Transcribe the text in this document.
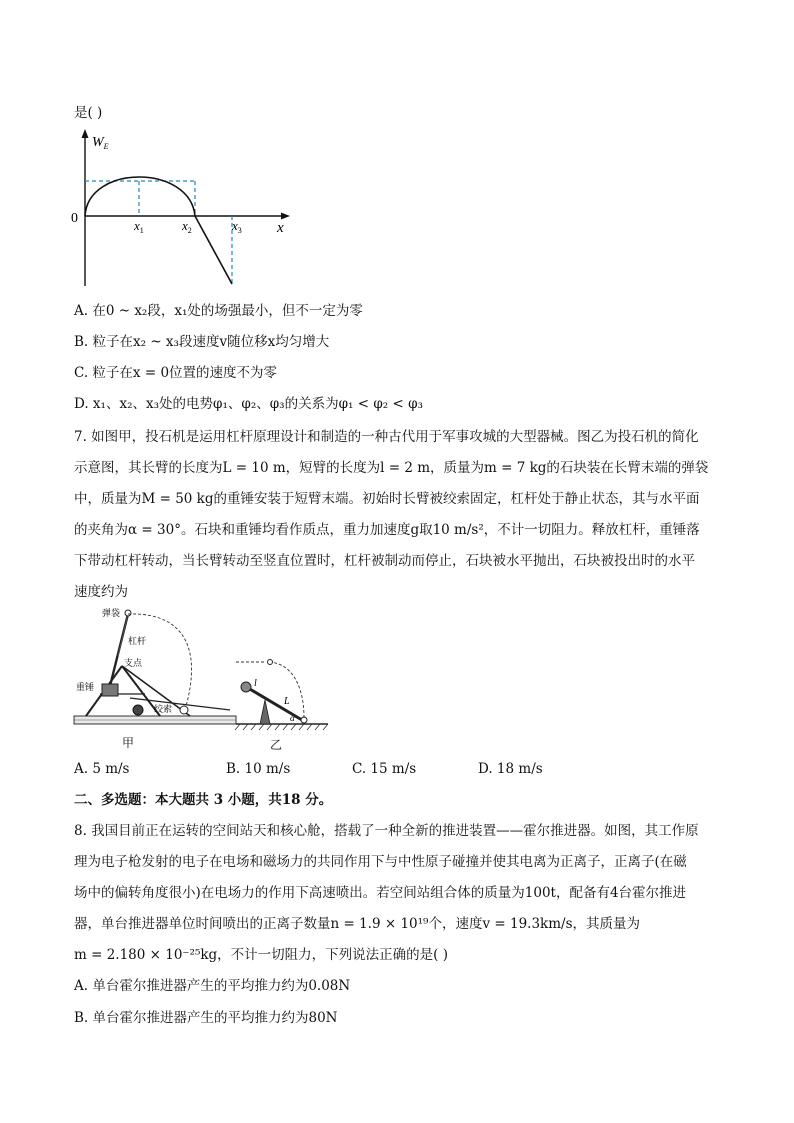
是( )
$W_E$
0
x
$x_1$	$x_2$	$x_3$
A. 在0 ~ x₂段，x₁处的场强最小，但不一定为零
B. 粒子在x₂ ~ x₃段速度v随位移x均匀增大
C. 粒子在x = 0位置的速度不为零
D. x₁、x₂、x₃处的电势φ₁、φ₂、φ₃的关系为φ₁ < φ₂ < φ₃
7. 如图甲，投石机是运用杠杆原理设计和制造的一种古代用于军事攻城的大型器械。图乙为投石机的简化
示意图，其长臂的长度为L = 10 m，短臂的长度为l = 2 m，质量为m = 7 kg的石块装在长臂末端的弹袋
中，质量为M = 50 kg的重锤安装于短臂末端。初始时长臂被绞索固定，杠杆处于静止状态，其与水平面
的夹角为α = 30°。石块和重锤均看作质点，重力加速度g取10 m/s²，不计一切阻力。释放杠杆，重锤落
下带动杠杆转动，当长臂转动至竖直位置时，杠杆被制动而停止，石块被水平抛出，石块被投出时的水平
速度约为
弹袋
杠杆
支点
重锤
绞索
甲
l
L
α
乙
A. 5 m/s	B. 10 m/s	C. 15 m/s	D. 18 m/s
二、多选题：本大题共 3 小题，共18 分。
8. 我国目前正在运转的空间站天和核心舱，搭载了一种全新的推进装置——霍尔推进器。如图，其工作原
理为电子枪发射的电子在电场和磁场力的共同作用下与中性原子碰撞并使其电离为正离子，正离子(在磁
场中的偏转角度很小)在电场力的作用下高速喷出。若空间站组合体的质量为100t，配备有4台霍尔推进
器，单台推进器单位时间喷出的正离子数量n = 1.9 × 10¹⁹个，速度v = 19.3km/s，其质量为
m = 2.180 × 10⁻²⁵kg，不计一切阻力，下列说法正确的是( )
A. 单台霍尔推进器产生的平均推力约为0.08N
B. 单台霍尔推进器产生的平均推力约为80N
